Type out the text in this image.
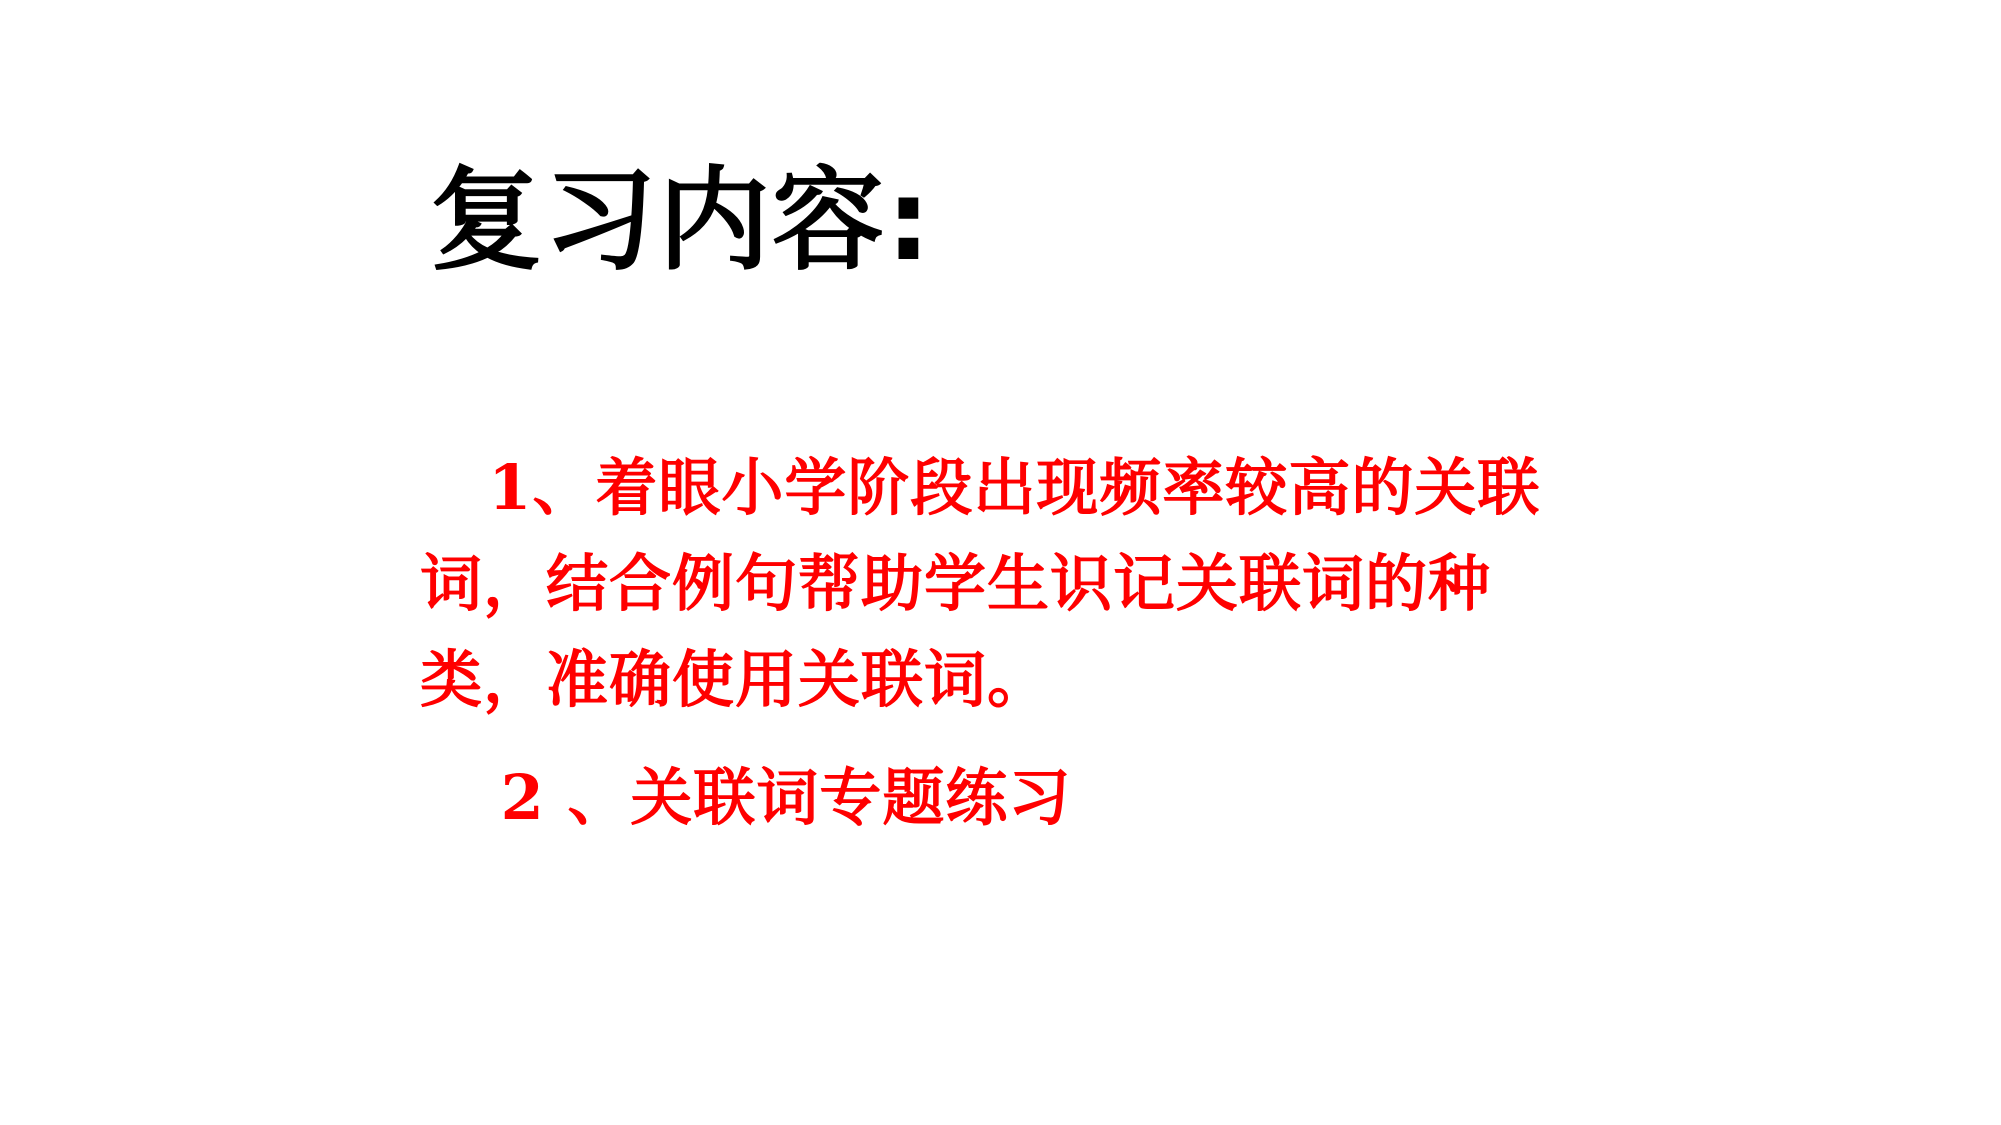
复习内容:

1、着眼小学阶段出现频率较高的关联词，结合例句帮助学生识记关联词的种类，准确使用关联词。

2 、关联词专题练习
